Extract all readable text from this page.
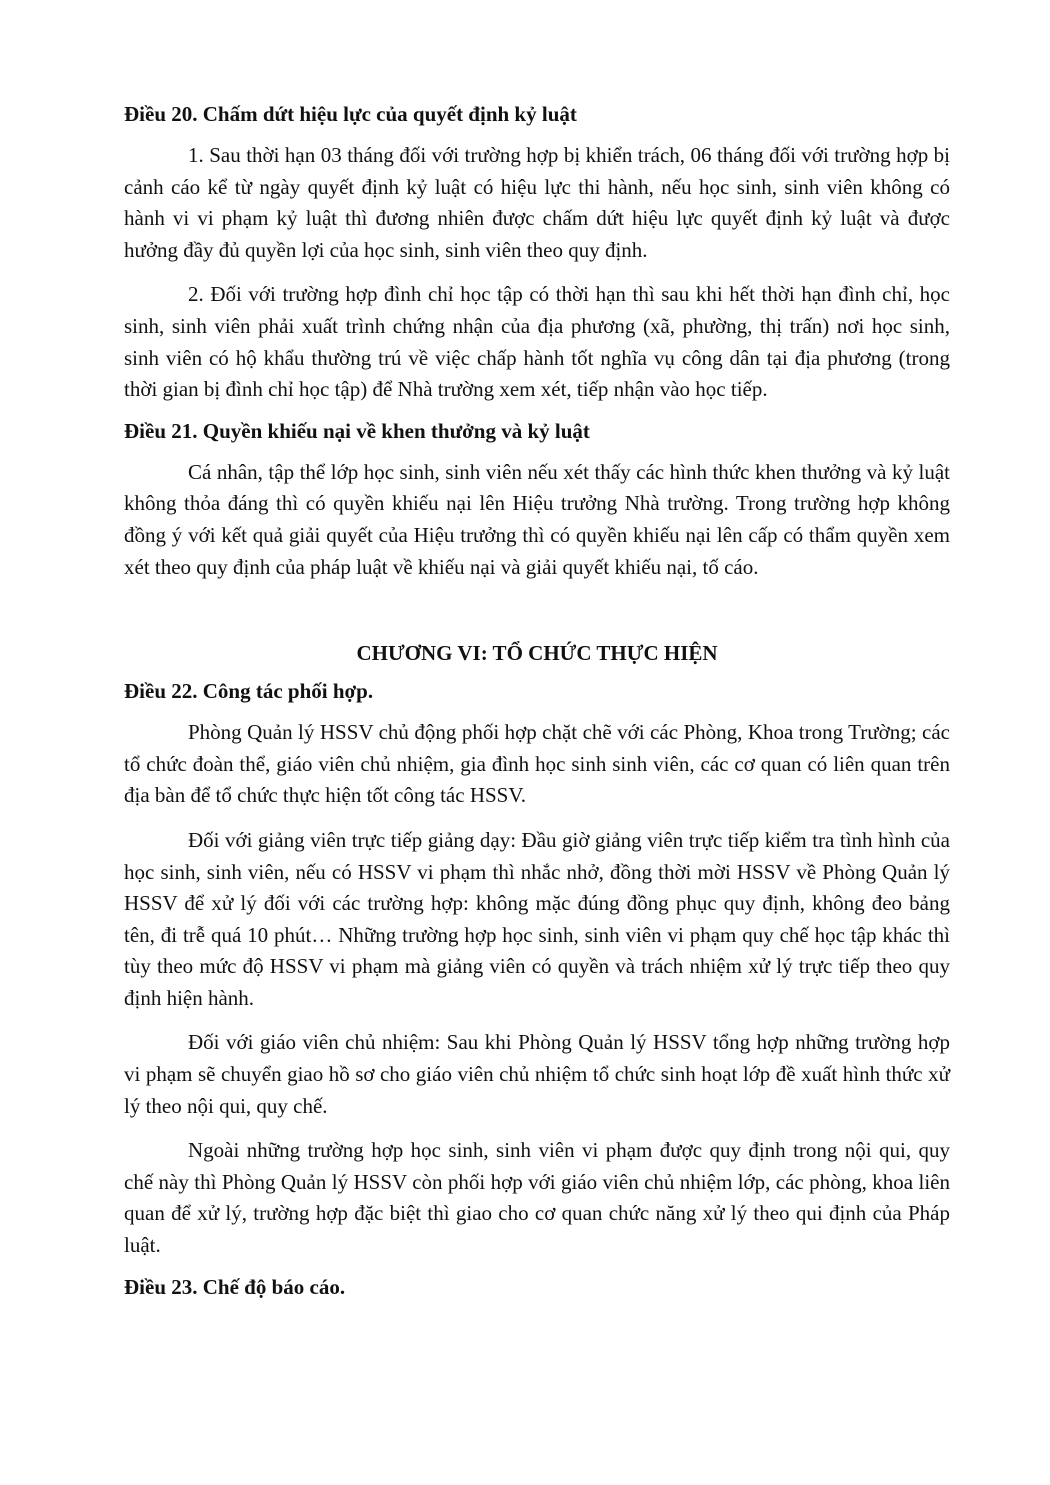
Điều 20. Chấm dứt hiệu lực của quyết định kỷ luật

1. Sau thời hạn 03 tháng đối với trường hợp bị khiển trách, 06 tháng đối với trường hợp bị cảnh cáo kể từ ngày quyết định kỷ luật có hiệu lực thi hành, nếu học sinh, sinh viên không có hành vi vi phạm kỷ luật thì đương nhiên được chấm dứt hiệu lực quyết định kỷ luật và được hưởng đầy đủ quyền lợi của học sinh, sinh viên theo quy định.

2. Đối với trường hợp đình chỉ học tập có thời hạn thì sau khi hết thời hạn đình chỉ, học sinh, sinh viên phải xuất trình chứng nhận của địa phương (xã, phường, thị trấn) nơi học sinh, sinh viên có hộ khẩu thường trú về việc chấp hành tốt nghĩa vụ công dân tại địa phương (trong thời gian bị đình chỉ học tập) để Nhà trường xem xét, tiếp nhận vào học tiếp.

Điều 21. Quyền khiếu nại về khen thưởng và kỷ luật

Cá nhân, tập thể lớp học sinh, sinh viên nếu xét thấy các hình thức khen thưởng và kỷ luật không thỏa đáng thì có quyền khiếu nại lên Hiệu trưởng Nhà trường. Trong trường hợp không đồng ý với kết quả giải quyết của Hiệu trưởng thì có quyền khiếu nại lên cấp có thẩm quyền xem xét theo quy định của pháp luật về khiếu nại và giải quyết khiếu nại, tố cáo.

CHƯƠNG VI: TỔ CHỨC THỰC HIỆN
Điều 22. Công tác phối hợp.

Phòng Quản lý HSSV chủ động phối hợp chặt chẽ với các Phòng, Khoa trong Trường; các tổ chức đoàn thể, giáo viên chủ nhiệm, gia đình học sinh sinh viên, các cơ quan có liên quan trên địa bàn để tổ chức thực hiện tốt công tác HSSV.

Đối với giảng viên trực tiếp giảng dạy: Đầu giờ giảng viên trực tiếp kiểm tra tình hình của học sinh, sinh viên, nếu có HSSV vi phạm thì nhắc nhở, đồng thời mời HSSV về Phòng Quản lý HSSV để xử lý đối với các trường hợp: không mặc đúng đồng phục quy định, không đeo bảng tên, đi trễ quá 10 phút… Những trường hợp học sinh, sinh viên vi phạm quy chế học tập khác thì tùy theo mức độ HSSV vi phạm mà giảng viên có quyền và trách nhiệm xử lý trực tiếp theo quy định hiện hành.

Đối với giáo viên chủ nhiệm: Sau khi Phòng Quản lý HSSV tổng hợp những trường hợp vi phạm sẽ chuyển giao hồ sơ cho giáo viên chủ nhiệm tổ chức sinh hoạt lớp đề xuất hình thức xử lý theo nội qui, quy chế.

Ngoài những trường hợp học sinh, sinh viên vi phạm được quy định trong nội qui, quy chế này thì Phòng Quản lý HSSV còn phối hợp với giáo viên chủ nhiệm lớp, các phòng, khoa liên quan để xử lý, trường hợp đặc biệt thì giao cho cơ quan chức năng xử lý theo qui định của Pháp luật.

Điều 23. Chế độ báo cáo.
